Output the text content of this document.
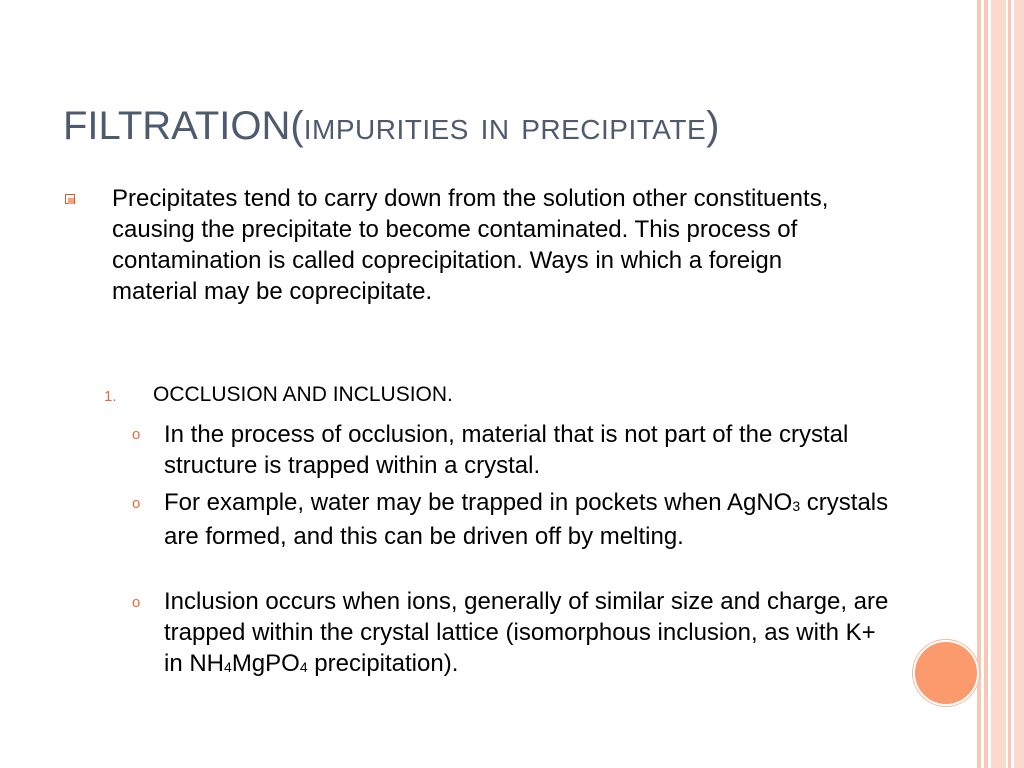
FILTRATION(impurities in precipitate)
Precipitates tend to carry down from the solution other constituents, causing the precipitate to become contaminated. This process of contamination is called coprecipitation. Ways in which a foreign material may be coprecipitate.
1. OCCLUSION AND INCLUSION.
o In the process of occlusion, material that is not part of the crystal structure is trapped within a crystal.
o For example, water may be trapped in pockets when AgNO$_3$ crystals are formed, and this can be driven off by melting.
o Inclusion occurs when ions, generally of similar size and charge, are trapped within the crystal lattice (isomorphous inclusion, as with K+ in $NH_4MgPO_4$ precipitation).
